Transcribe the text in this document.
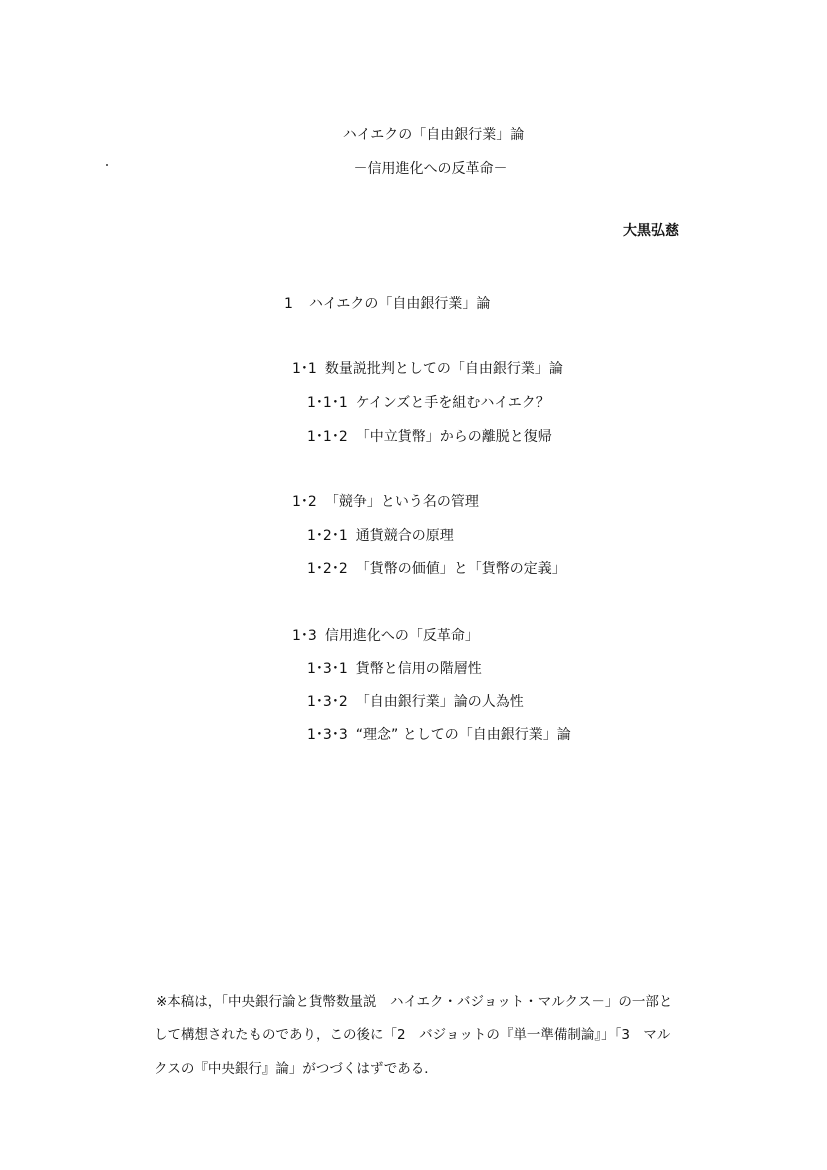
ハイエクの「自由銀行業」論
－信用進化への反革命－
大黒弘慈
1 ハイエクの「自由銀行業」論
1･1 数量説批判としての「自由銀行業」論
1･1･1 ケインズと手を組むハイエク？
1･1･2 「中立貨幣」からの離脱と復帰
1･2 「競争」という名の管理
1･2･1 通貨競合の原理
1･2･2 「貨幣の価値」と「貨幣の定義」
1･3 信用進化への「反革命」
1･3･1 貨幣と信用の階層性
1･3･2 「自由銀行業」論の人為性
1･3･3 “理念” としての「自由銀行業」論
※本稿は，「中央銀行論と貨幣数量説　ハイエク・バジョット・マルクス－」の一部と
して構想されたものであり，この後に「2　バジョットの『単一準備制論』」「3　マル
クスの『中央銀行』論」がつづくはずである．
